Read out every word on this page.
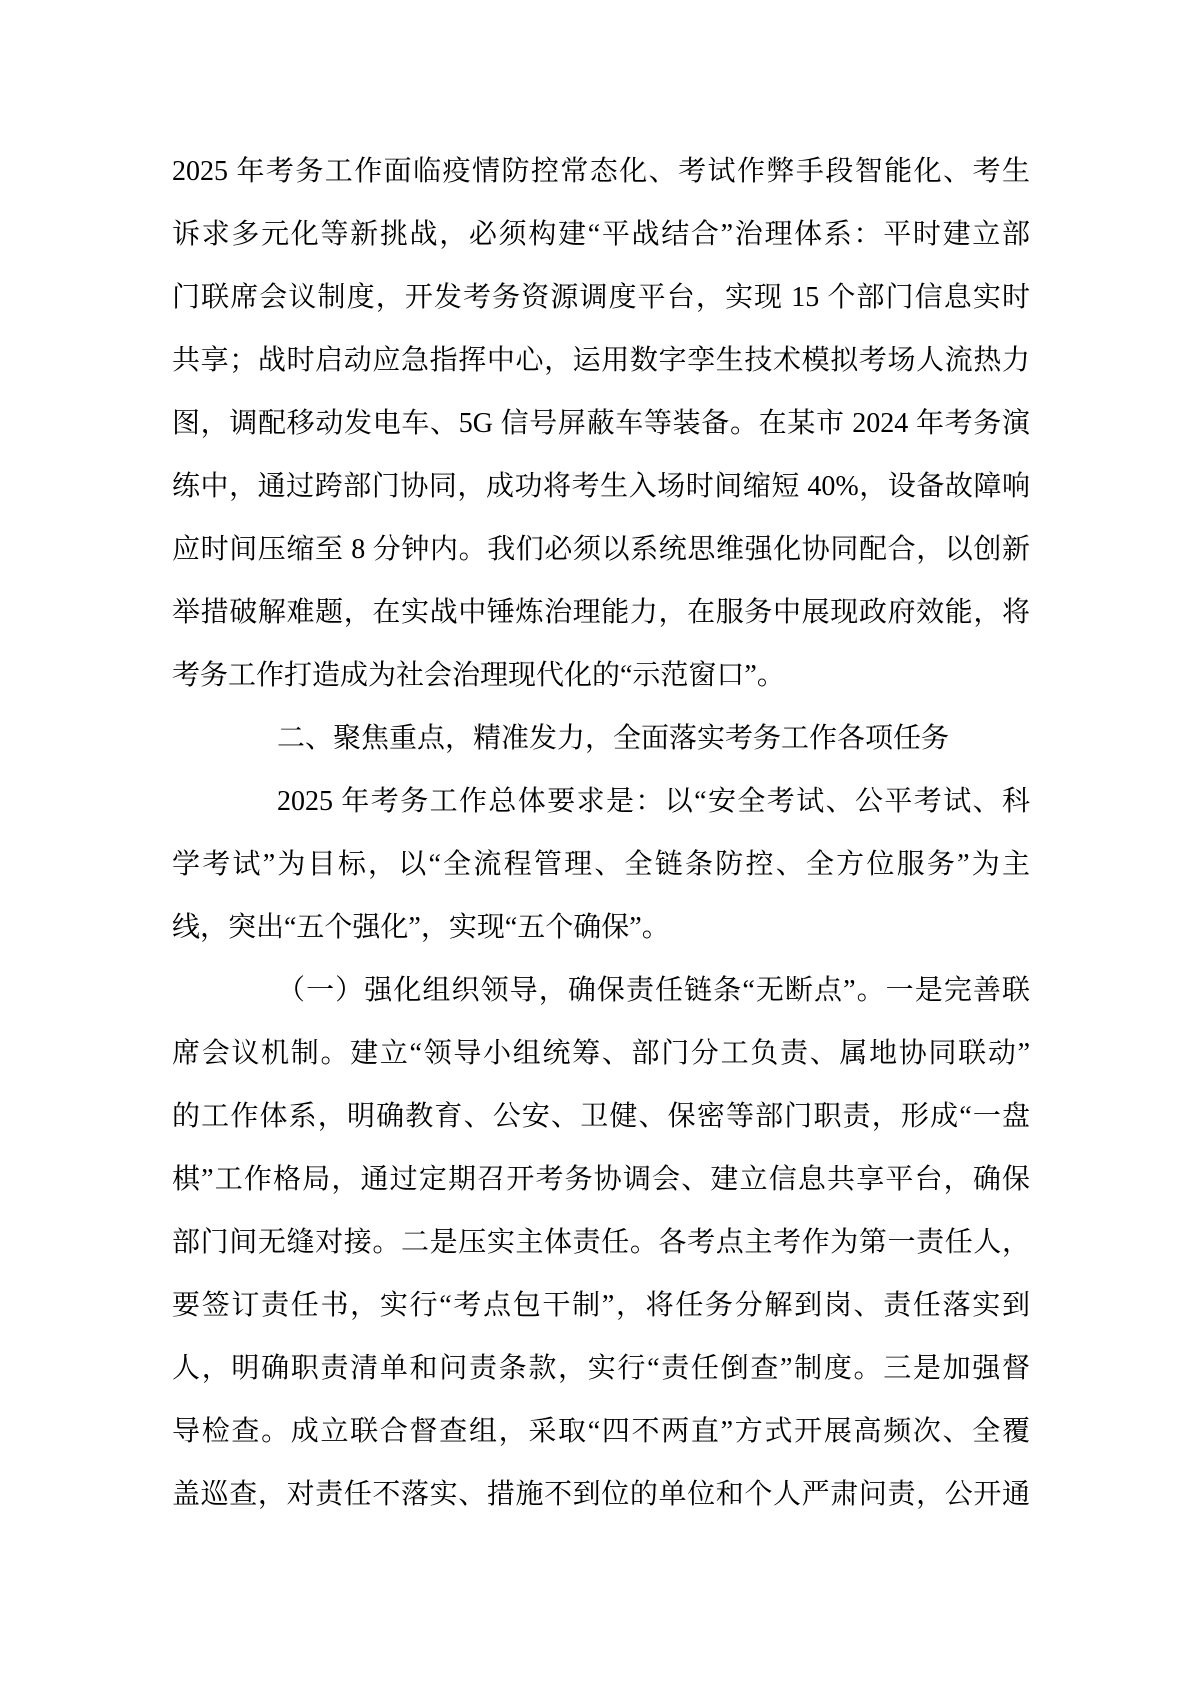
2025 年考务工作面临疫情防控常态化、考试作弊手段智能化、考生
诉求多元化等新挑战，必须构建“平战结合”治理体系：平时建立部
门联席会议制度，开发考务资源调度平台，实现 15 个部门信息实时
共享；战时启动应急指挥中心，运用数字孪生技术模拟考场人流热力
图，调配移动发电车、5G 信号屏蔽车等装备。在某市 2024 年考务演
练中，通过跨部门协同，成功将考生入场时间缩短 40%，设备故障响
应时间压缩至 8 分钟内。我们必须以系统思维强化协同配合，以创新
举措破解难题，在实战中锤炼治理能力，在服务中展现政府效能，将
考务工作打造成为社会治理现代化的“示范窗口”。
二、聚焦重点，精准发力，全面落实考务工作各项任务
2025 年考务工作总体要求是：以“安全考试、公平考试、科
学考试”为目标，以“全流程管理、全链条防控、全方位服务”为主
线，突出“五个强化”，实现“五个确保”。
（一）强化组织领导，确保责任链条“无断点”。一是完善联
席会议机制。建立“领导小组统筹、部门分工负责、属地协同联动”
的工作体系，明确教育、公安、卫健、保密等部门职责，形成“一盘
棋”工作格局，通过定期召开考务协调会、建立信息共享平台，确保
部门间无缝对接。二是压实主体责任。各考点主考作为第一责任人，
要签订责任书，实行“考点包干制”，将任务分解到岗、责任落实到
人，明确职责清单和问责条款，实行“责任倒查”制度。三是加强督
导检查。成立联合督查组，采取“四不两直”方式开展高频次、全覆
盖巡查，对责任不落实、措施不到位的单位和个人严肃问责，公开通
